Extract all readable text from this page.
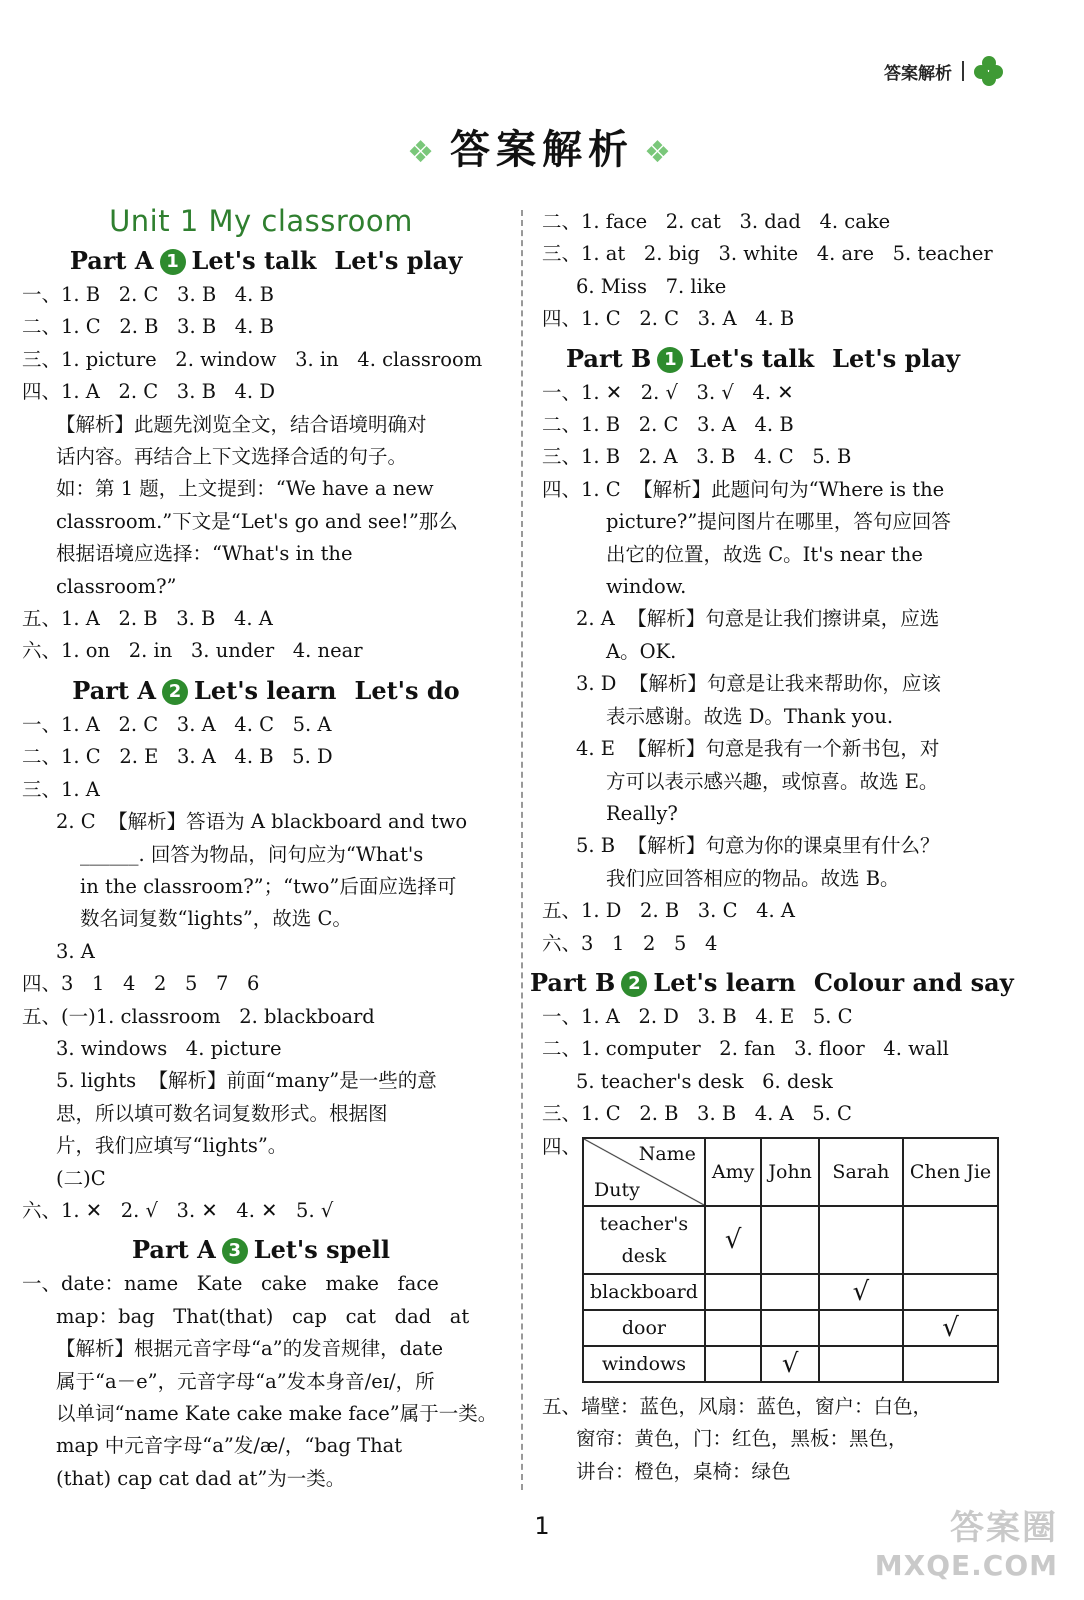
答案解析
❖ 答案解析 ❖
Unit 1 My classroom
Part A 1 Let's talk Let's play
一、1. B   2. C   3. B   4. B
二、1. C   2. B   3. B   4. B
三、1. picture   2. window   3. in   4. classroom
四、1. A   2. C   3. B   4. D
【解析】此题先浏览全文，结合语境明确对
话内容。再结合上下文选择合适的句子。
如：第 1 题，上文提到：“We have a new
classroom.”下文是“Let's go and see!”那么
根据语境应选择：“What's in the
classroom?”
五、1. A   2. B   3. B   4. A
六、1. on   2. in   3. under   4. near
Part A 2 Let's learn Let's do
一、1. A   2. C   3. A   4. C   5. A
二、1. C   2. E   3. A   4. B   5. D
三、1. A
2. C  【解析】答语为 A blackboard and two
______. 回答为物品，问句应为“What's
in the classroom?”；“two”后面应选择可
数名词复数“lights”，故选 C。
3. A
四、3   1   4   2   5   7   6
五、(一)1. classroom   2. blackboard
3. windows   4. picture
5. lights  【解析】前面“many”是一些的意
思，所以填可数名词复数形式。根据图
片，我们应填写“lights”。
(二)C
六、1. ✕   2. √   3. ✕   4. ✕   5. √
Part A 3 Let's spell
一、date：name   Kate   cake   make   face
map：bag   That(that)   cap   cat   dad   at
【解析】根据元音字母“a”的发音规律，date
属于“a－e”，元音字母“a”发本身音/eɪ/，所
以单词“name Kate cake make face”属于一类。
map 中元音字母“a”发/æ/，“bag That
(that) cap cat dad at”为一类。
二、1. face   2. cat   3. dad   4. cake
三、1. at   2. big   3. white   4. are   5. teacher
6. Miss   7. like
四、1. C   2. C   3. A   4. B
Part B 1 Let's talk Let's play
一、1. ✕   2. √   3. √   4. ✕
二、1. B   2. C   3. A   4. B
三、1. B   2. A   3. B   4. C   5. B
四、1. C  【解析】此题问句为“Where is the
picture?”提问图片在哪里，答句应回答
出它的位置，故选 C。It's near the
window.
2. A  【解析】句意是让我们擦讲桌，应选
A。OK.
3. D  【解析】句意是让我来帮助你，应该
表示感谢。故选 D。Thank you.
4. E  【解析】句意是我有一个新书包，对
方可以表示感兴趣，或惊喜。故选 E。
Really?
5. B  【解析】句意为你的课桌里有什么？
我们应回答相应的物品。故选 B。
五、1. D   2. B   3. C   4. A
六、3   1   2   5   4
Part B 2 Let's learn Colour and say
一、1. A   2. D   3. B   4. E   5. C
二、1. computer   2. fan   3. floor   4. wall
5. teacher's desk   6. desk
三、1. C   2. B   3. B   4. A   5. C
四、	Name
Duty	Amy	John	Sarah	Chen Jie
teacher's desk	√			
blackboard			√	
door				√
windows		√		
五、墙壁：蓝色，风扇：蓝色，窗户：白色，
窗帘：黄色，门：红色，黑板：黑色，
讲台：橙色，桌椅：绿色
1	答案圈
MXQE.COM
